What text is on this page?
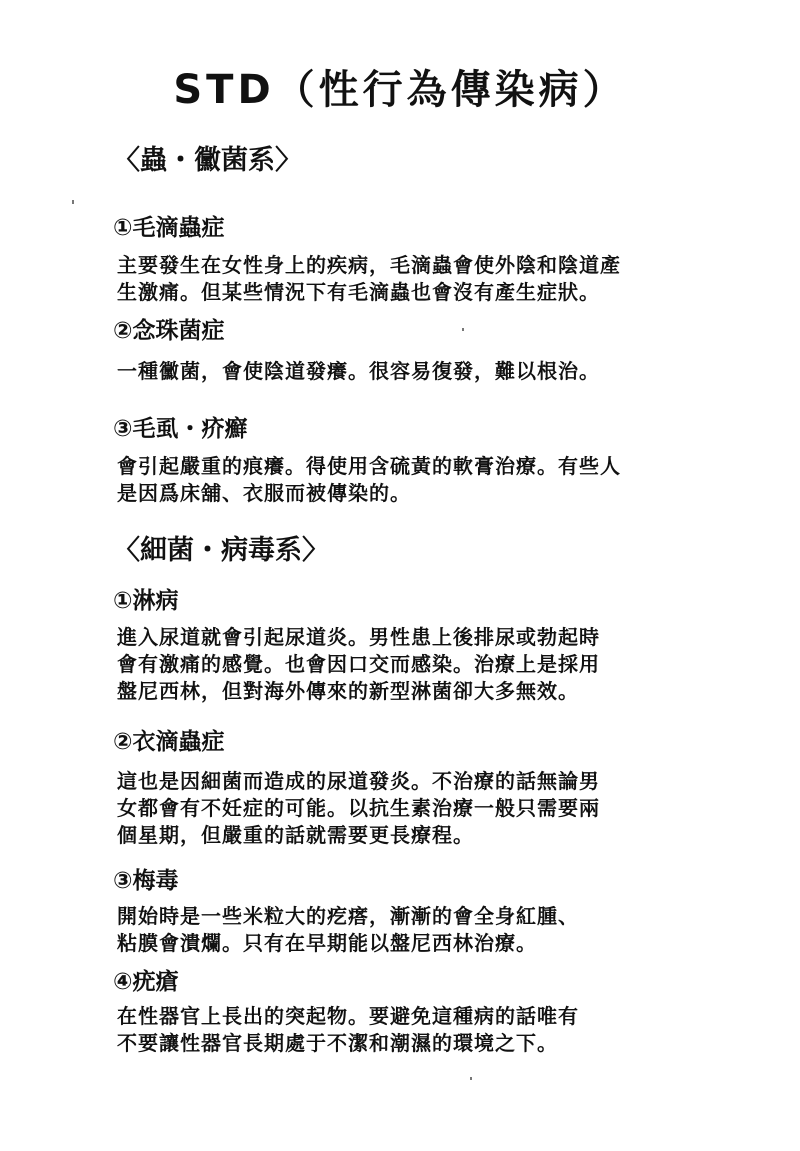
STD（性行為傳染病）
〈蟲・黴菌系〉
①毛滴蟲症
主要發生在女性身上的疾病，毛滴蟲會使外陰和陰道產
生激痛。但某些情況下有毛滴蟲也會沒有產生症狀。
②念珠菌症
一種黴菌，會使陰道發癢。很容易復發，難以根治。
③毛虱・疥癬
會引起嚴重的痕癢。得使用含硫黃的軟膏治療。有些人
是因爲床舖、衣服而被傳染的。
〈細菌・病毒系〉
①淋病
進入尿道就會引起尿道炎。男性患上後排尿或勃起時
會有激痛的感覺。也會因口交而感染。治療上是採用
盤尼西林，但對海外傳來的新型淋菌卻大多無效。
②衣滴蟲症
這也是因細菌而造成的尿道發炎。不治療的話無論男
女都會有不妊症的可能。以抗生素治療一般只需要兩
個星期，但嚴重的話就需要更長療程。
③梅毒
開始時是一些米粒大的疙瘩，漸漸的會全身紅腫、
粘膜會潰爛。只有在早期能以盤尼西林治療。
④疣瘡
在性器官上長出的突起物。要避免這種病的話唯有
不要讓性器官長期處于不潔和潮濕的環境之下。
